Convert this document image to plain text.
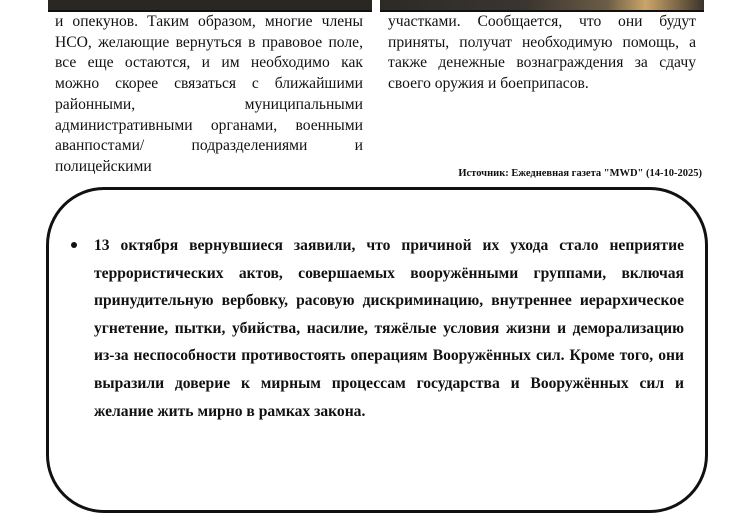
и опекунов. Таким образом, многие члены НСО, желающие вернуться в правовое поле, все еще остаются, и им необходимо как можно скорее связаться с ближайшими районными, муниципальными административными органами, военными аванпостами/ подразделениями и полицейскими

участками. Сообщается, что они будут приняты, получат необходимую помощь, а также денежные вознаграждения за сдачу своего оружия и боеприпасов.

Источник: Ежедневная газета "MWD" (14-10-2025)
13 октября вернувшиеся заявили, что причиной их ухода стало неприятие террористических актов, совершаемых вооружёнными группами, включая принудительную вербовку, расовую дискриминацию, внутреннее иерархическое угнетение, пытки, убийства, насилие, тяжёлые условия жизни и деморализацию из-за неспособности противостоять операциям Вооружённых сил. Кроме того, они выразили доверие к мирным процессам государства и Вооружённых сил и желание жить мирно в рамках закона.
